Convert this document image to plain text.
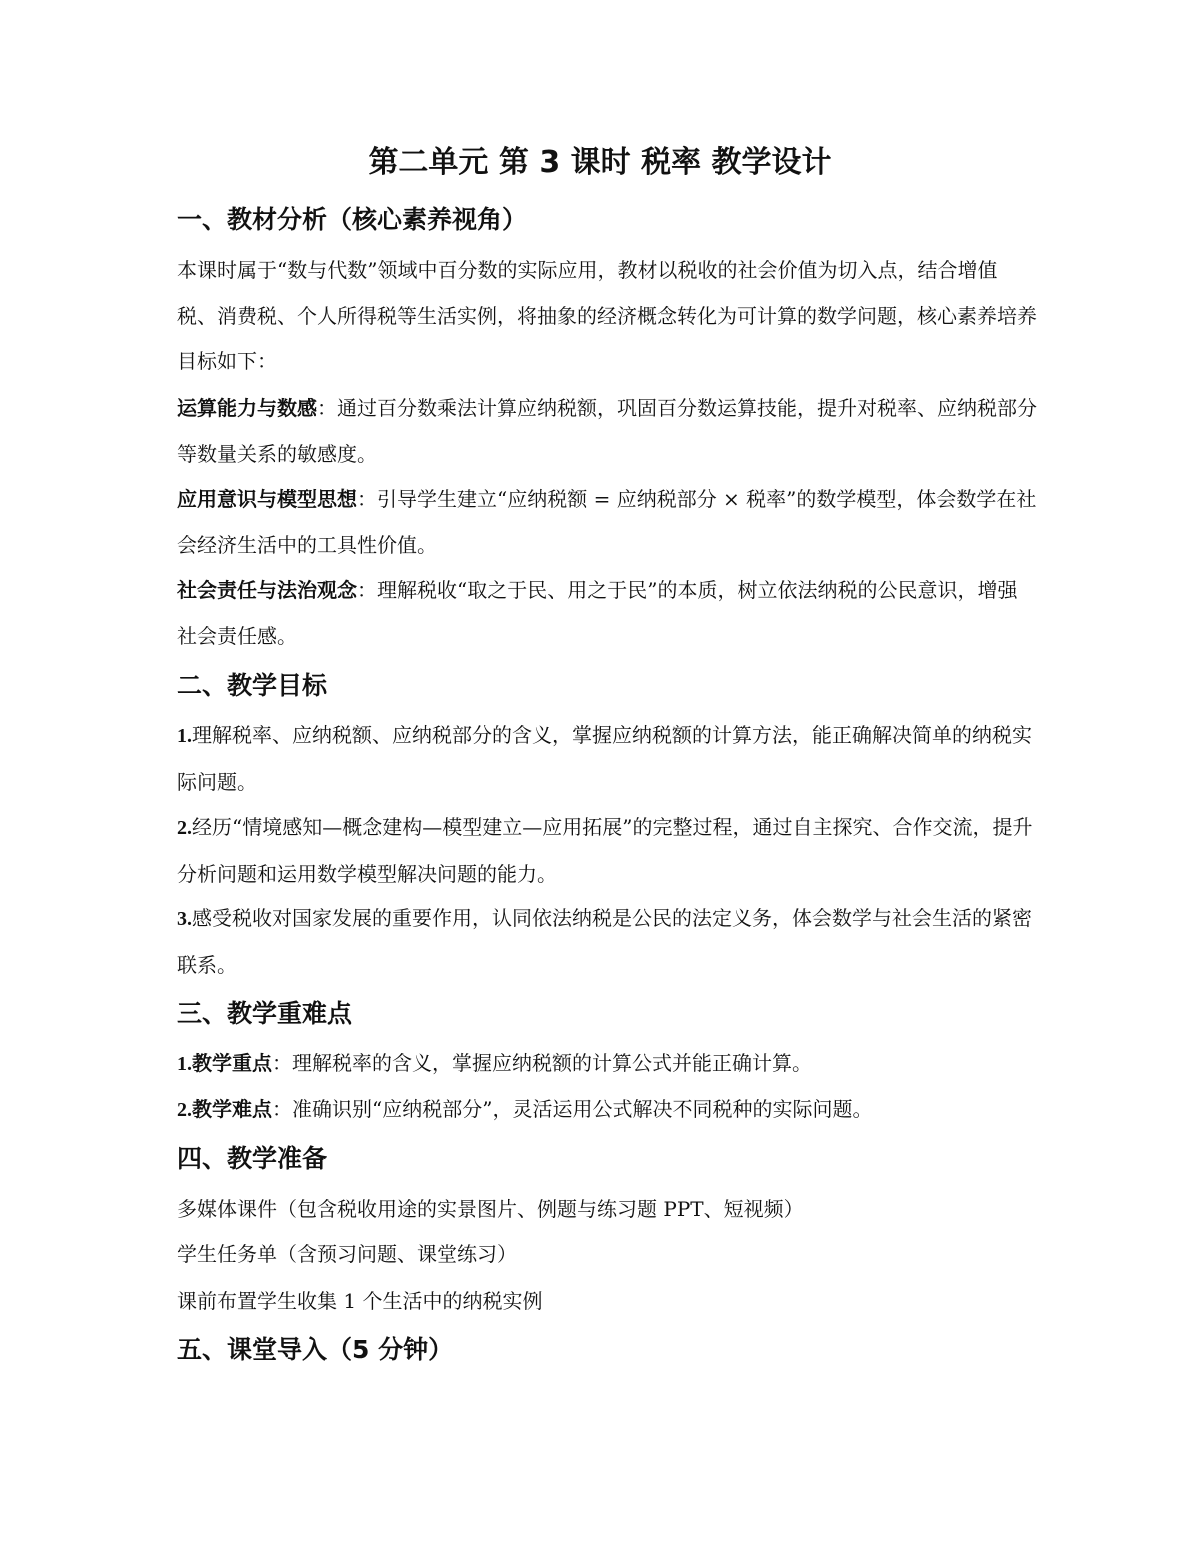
第二单元 第 3 课时 税率 教学设计
一、教材分析（核心素养视角）

本课时属于“数与代数”领域中百分数的实际应用，教材以税收的社会价值为切入点，结合增值税、消费税、个人所得税等生活实例，将抽象的经济概念转化为可计算的数学问题，核心素养培养目标如下：

运算能力与数感：通过百分数乘法计算应纳税额，巩固百分数运算技能，提升对税率、应纳税部分等数量关系的敏感度。

应用意识与模型思想：引导学生建立“应纳税额 = 应纳税部分 × 税率”的数学模型，体会数学在社会经济生活中的工具性价值。

社会责任与法治观念：理解税收“取之于民、用之于民”的本质，树立依法纳税的公民意识，增强社会责任感。

二、教学目标

1.理解税率、应纳税额、应纳税部分的含义，掌握应纳税额的计算方法，能正确解决简单的纳税实际问题。

2.经历“情境感知—概念建构—模型建立—应用拓展”的完整过程，通过自主探究、合作交流，提升分析问题和运用数学模型解决问题的能力。

3.感受税收对国家发展的重要作用，认同依法纳税是公民的法定义务，体会数学与社会生活的紧密联系。

三、教学重难点

1.教学重点：理解税率的含义，掌握应纳税额的计算公式并能正确计算。

2.教学难点：准确识别“应纳税部分”，灵活运用公式解决不同税种的实际问题。

四、教学准备

多媒体课件（包含税收用途的实景图片、例题与练习题 PPT、短视频）

学生任务单（含预习问题、课堂练习）

课前布置学生收集 1 个生活中的纳税实例

五、课堂导入（5 分钟）
